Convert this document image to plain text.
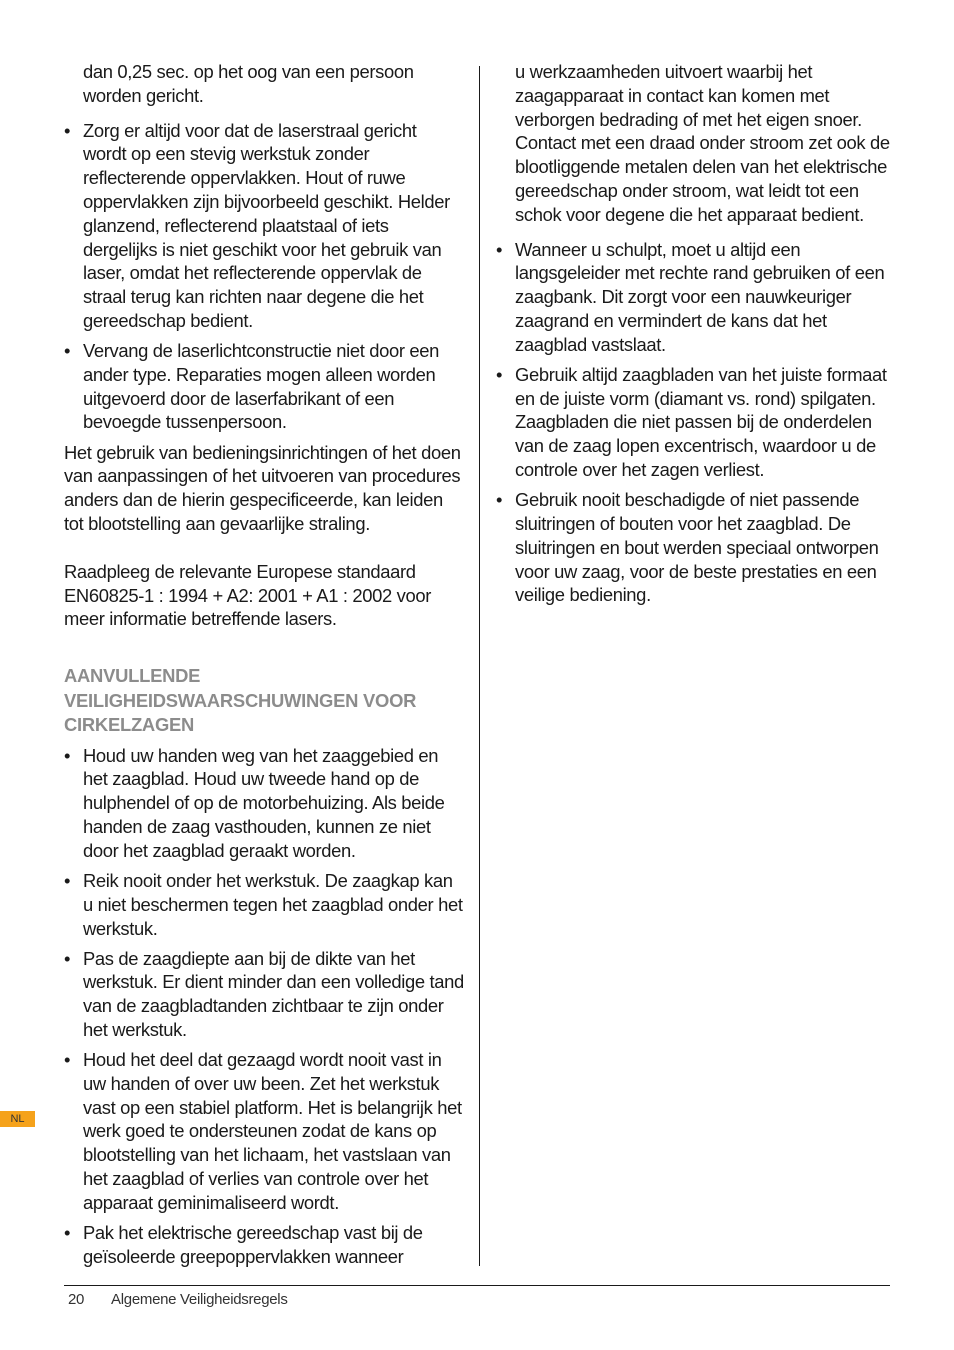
dan 0,25 sec. op het oog van een persoon worden gericht.

• Zorg er altijd voor dat de laserstraal gericht wordt op een stevig werkstuk zonder reflecterende oppervlakken. Hout of ruwe oppervlakken zijn bijvoorbeeld geschikt. Helder glanzend, reflecterend plaatstaal of iets dergelijks is niet geschikt voor het gebruik van laser, omdat het reflecterende oppervlak de straal terug kan richten naar degene die het gereedschap bedient.
• Vervang de laserlichtconstructie niet door een ander type. Reparaties mogen alleen worden uitgevoerd door de laserfabrikant of een bevoegde tussenpersoon.

Het gebruik van bedieningsinrichtingen of het doen van aanpassingen of het uitvoeren van procedures anders dan de hierin gespecificeerde, kan leiden tot blootstelling aan gevaarlijke straling.

Raadpleeg de relevante Europese standaard EN60825-1 : 1994 + A2: 2001 + A1 : 2002 voor meer informatie betreffende lasers.

AANVULLENDE VEILIGHEIDSWAARSCHUWINGEN VOOR CIRKELZAGEN
• Houd uw handen weg van het zaaggebied en het zaagblad. Houd uw tweede hand op de hulphendel of op de motorbehuizing. Als beide handen de zaag vasthouden, kunnen ze niet door het zaagblad geraakt worden.
• Reik nooit onder het werkstuk. De zaagkap kan u niet beschermen tegen het zaagblad onder het werkstuk.
• Pas de zaagdiepte aan bij de dikte van het werkstuk. Er dient minder dan een volledige tand van de zaagbladtanden zichtbaar te zijn onder het werkstuk.
• Houd het deel dat gezaagd wordt nooit vast in uw handen of over uw been. Zet het werkstuk vast op een stabiel platform. Het is belangrijk het werk goed te ondersteunen zodat de kans op blootstelling van het lichaam, het vastslaan van het zaagblad of verlies van controle over het apparaat geminimaliseerd wordt.
• Pak het elektrische gereedschap vast bij de geïsoleerde greepoppervlakken wanneer

u werkzaamheden uitvoert waarbij het zaagapparaat in contact kan komen met verborgen bedrading of met het eigen snoer. Contact met een draad onder stroom zet ook de blootliggende metalen delen van het elektrische gereedschap onder stroom, wat leidt tot een schok voor degene die het apparaat bedient.

• Wanneer u schulpt, moet u altijd een langsgeleider met rechte rand gebruiken of een zaagbank. Dit zorgt voor een nauwkeuriger zaagrand en vermindert de kans dat het zaagblad vastslaat.
• Gebruik altijd zaagbladen van het juiste formaat en de juiste vorm (diamant vs. rond) spilgaten. Zaagbladen die niet passen bij de onderdelen van de zaag lopen excentrisch, waardoor u de controle over het zagen verliest.
• Gebruik nooit beschadigde of niet passende sluitringen of bouten voor het zaagblad. De sluitringen en bout werden speciaal ontworpen voor uw zaag, voor de beste prestaties en een veilige bediening.
NL
20 Algemene Veiligheidsregels
